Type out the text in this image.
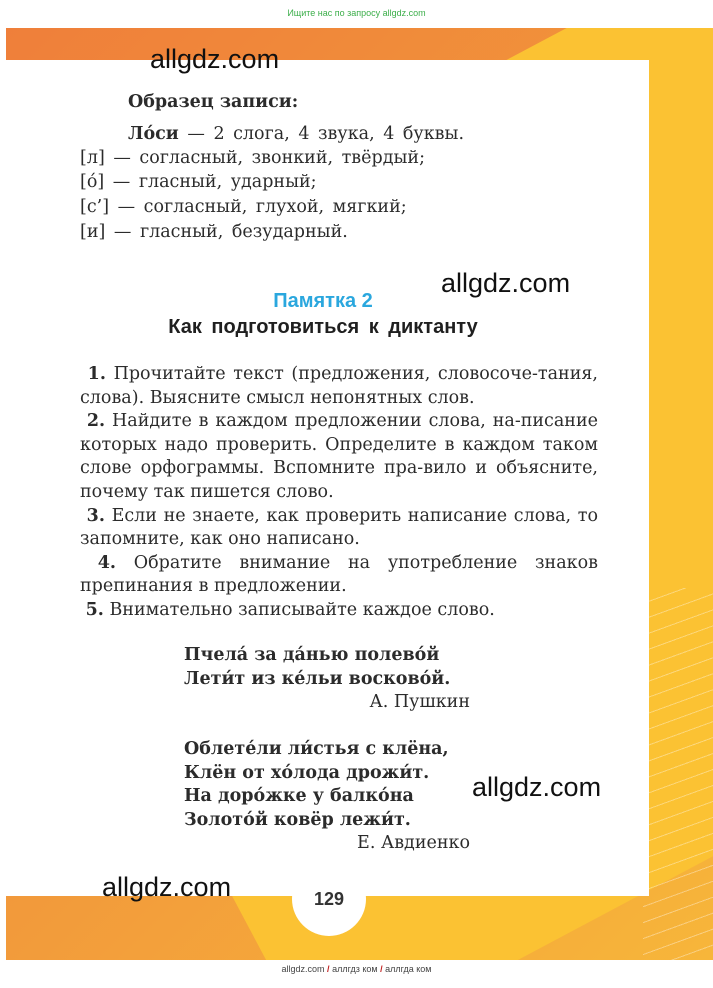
Ищите нас по запросу allgdz.com
Образец записи:
Ло́си — 2 слога, 4 звука, 4 буквы.
[л] — согласный, звонкий, твёрдый;
[о́] — гласный, ударный;
[с’] — согласный, глухой, мягкий;
[и] — гласный, безударный.
Памятка 2
Как подготовиться к диктанту

1. Прочитайте текст (предложения, словосоче-тания, слова). Выясните смысл непонятных слов.

2. Найдите в каждом предложении слова, на-писание которых надо проверить. Определите в каждом таком слове орфограммы. Вспомните пра-вило и объясните, почему так пишется слово.

3. Если не знаете, как проверить написание слова, то запомните, как оно написано.

4. Обратите внимание на употребление знаков препинания в предложении.

5. Внимательно записывайте каждое слово.

Пчела́ за да́нью полево́й
Лети́т из ке́льи восково́й.
А. Пушкин
Облете́ли ли́стья с клёна,
Клён от хо́лода дрожи́т.
На доро́жке у балко́на
Золото́й ковёр лежи́т.
Е. Авдиенко
129
allgdz.com
allgdz.com
allgdz.com
allgdz.com
allgdz.com / аллгдз ком / аллгда ком
